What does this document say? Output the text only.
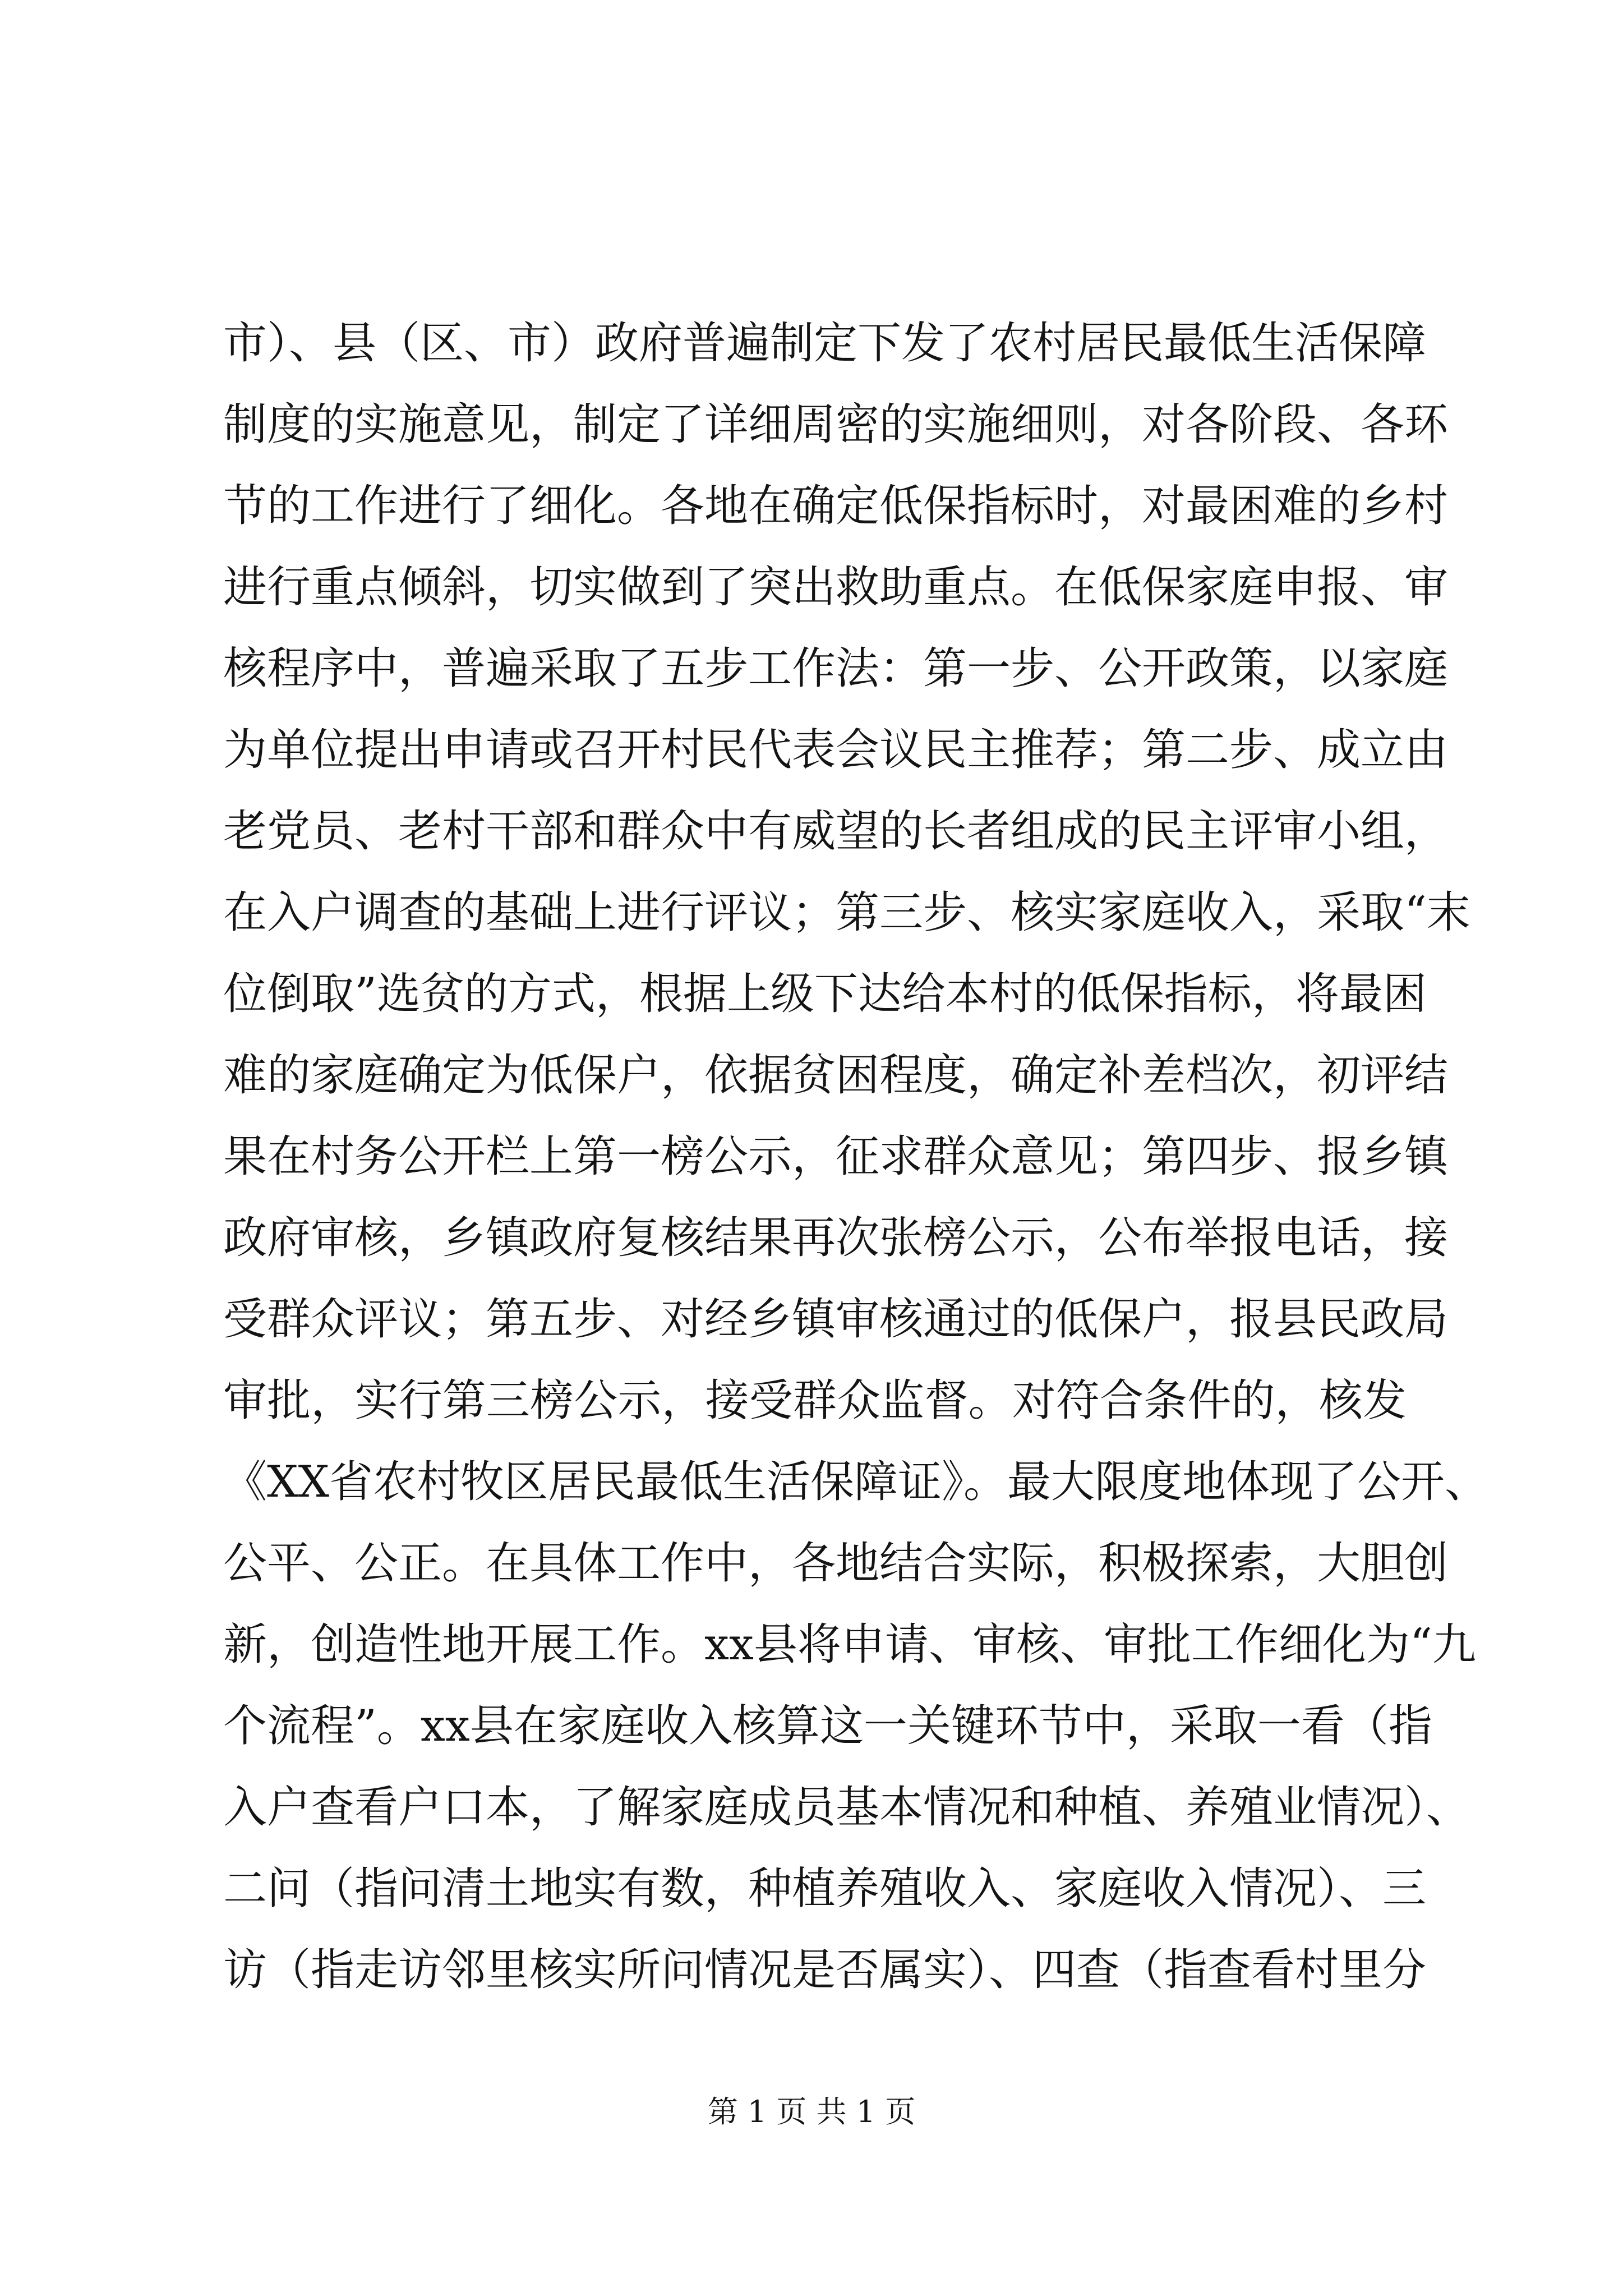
市）、县（区、市）政府普遍制定下发了农村居民最低生活保障
制度的实施意见，制定了详细周密的实施细则，对各阶段、各环
节的工作进行了细化。各地在确定低保指标时，对最困难的乡村
进行重点倾斜，切实做到了突出救助重点。在低保家庭申报、审
核程序中，普遍采取了五步工作法：第一步、公开政策，以家庭
为单位提出申请或召开村民代表会议民主推荐；第二步、成立由
老党员、老村干部和群众中有威望的长者组成的民主评审小组，
在入户调查的基础上进行评议；第三步、核实家庭收入，采取“末
位倒取”选贫的方式，根据上级下达给本村的低保指标，将最困
难的家庭确定为低保户，依据贫困程度，确定补差档次，初评结
果在村务公开栏上第一榜公示，征求群众意见；第四步、报乡镇
政府审核，乡镇政府复核结果再次张榜公示，公布举报电话，接
受群众评议；第五步、对经乡镇审核通过的低保户，报县民政局
审批，实行第三榜公示，接受群众监督。对符合条件的，核发
《XX省农村牧区居民最低生活保障证》。最大限度地体现了公开、
公平、公正。在具体工作中，各地结合实际，积极探索，大胆创
新，创造性地开展工作。xx县将申请、审核、审批工作细化为“九
个流程”。xx县在家庭收入核算这一关键环节中，采取一看（指
入户查看户口本，了解家庭成员基本情况和种植、养殖业情况）、
二问（指问清土地实有数，种植养殖收入、家庭收入情况）、三
访（指走访邻里核实所问情况是否属实）、四查（指查看村里分
第 1 页 共 1 页
